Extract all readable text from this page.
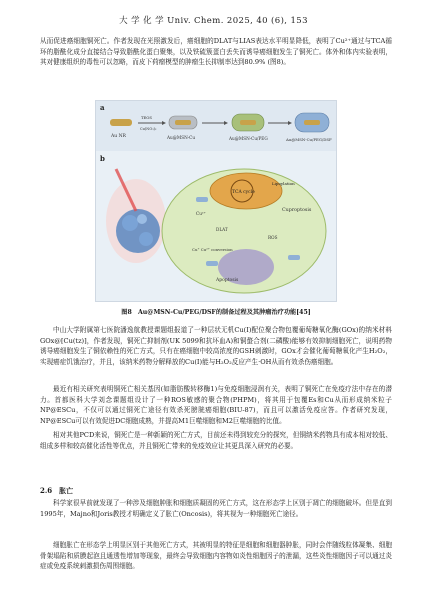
大 学 化 学 Univ. Chem. 2025, 40 (6), 153

从而促进癌细胞铜死亡。作者发现在光照激发后，癌细胞的DLAT与LIAS表达水平明显降低，表明了Cu²⁺通过与TCA循环的脂酰化成分直接结合导致脂酰化蛋白聚集，以及铁硫簇蛋白丢失而诱导癌细胞发生了铜死亡。体外和体内实验表明，其对健康组织的毒性可以忽略，而皮下荷瘤模型的肿瘤生长抑制率达到80.9% (图8)。

a
Au NR
TEOS
Cu(NO₃)₂
Au@MSN-Cu	Au@MSN-Cu/PEG	Au@MSN-Cu/PEG/DSF
b
TCA cycle
Lipoylation
Cuproptosis
DLAT
ROS
Cu²⁺
Apoptosis
Cu⁺ Cu²⁺ conversion
图8　Au@MSN-Cu/PEG/DSF的制备过程及其肿瘤治疗功能[45]

中山大学附属第七医院潘逸航教授课题组报道了一种层状无机Cu(I)配位聚合物包覆葡萄糖氧化酶(GOx)的纳米材料GOx@[Cu(tz)]，作者发现，铜死亡抑制剂(UK 5099和抗坏血A)和铜螯合剂(二磷酸)能够有效抑制细胞死亡，说明药物诱导癌细胞发生了铜依赖性的死亡方式，只有在癌细胞中较高浓度的GSH刺激时，GOx才会催化葡萄糖氧化产生H₂O₂，实现癌症饥饿治疗，并且，该纳米药物分解释放的Cu(I)能与H₂O₂反应产生·OH从而有效杀伤癌细胞。

最近有相关研究表明铜死亡相关基因(如脂肪酸转移酶1)与免疫细胞浸润有关，表明了铜死亡在免疫疗法中存在的潜力。首都医科大学刘念课题组设计了一种ROS敏感的聚合物(PHPM)，将其用于包覆Es和Cu从而形成纳米粒子NP@ESCu，不仅可以通过铜死亡途径有效杀死膀胱癌细胞(BIU-87)，而且可以激活免疫应答。作者研究发现，NP@ESCu可以有效促进DC细胞成熟，并提高M1巨噬细胞和M2巨噬细胞的比值。

相对其他PCD来说，铜死亡是一种新颖的死亡方式，目前还未得到较充分的探究，但铜纳米药物具有成本相对较低、组成多样和较高催化活性等优点，并且铜死亡带来的免疫效应让其更具深入研究的必要。

2.6　胀亡

科学家很早前就发现了一种涉及细胞肿胀和细胞质凝固的死亡方式，这在形态学上区别于凋亡的细胞破坏。但是直到1995年，Majno和Joris教授才明确定义了胀亡(Oncosis)，将其视为一种细胞死亡途径。

细胞胀亡在形态学上明显区别于其他死亡方式，其被明显的特征是细胞和细胞器肿胀，同时会伴随线粒体凝集、细胞骨架塌陷和质膜起泡且通透性增加等现象，最终会导致细胞内容物如炎性细胞因子的泄漏，这些炎性细胞因子可以通过炎症或免疫系统刺激损伤周围细胞。
